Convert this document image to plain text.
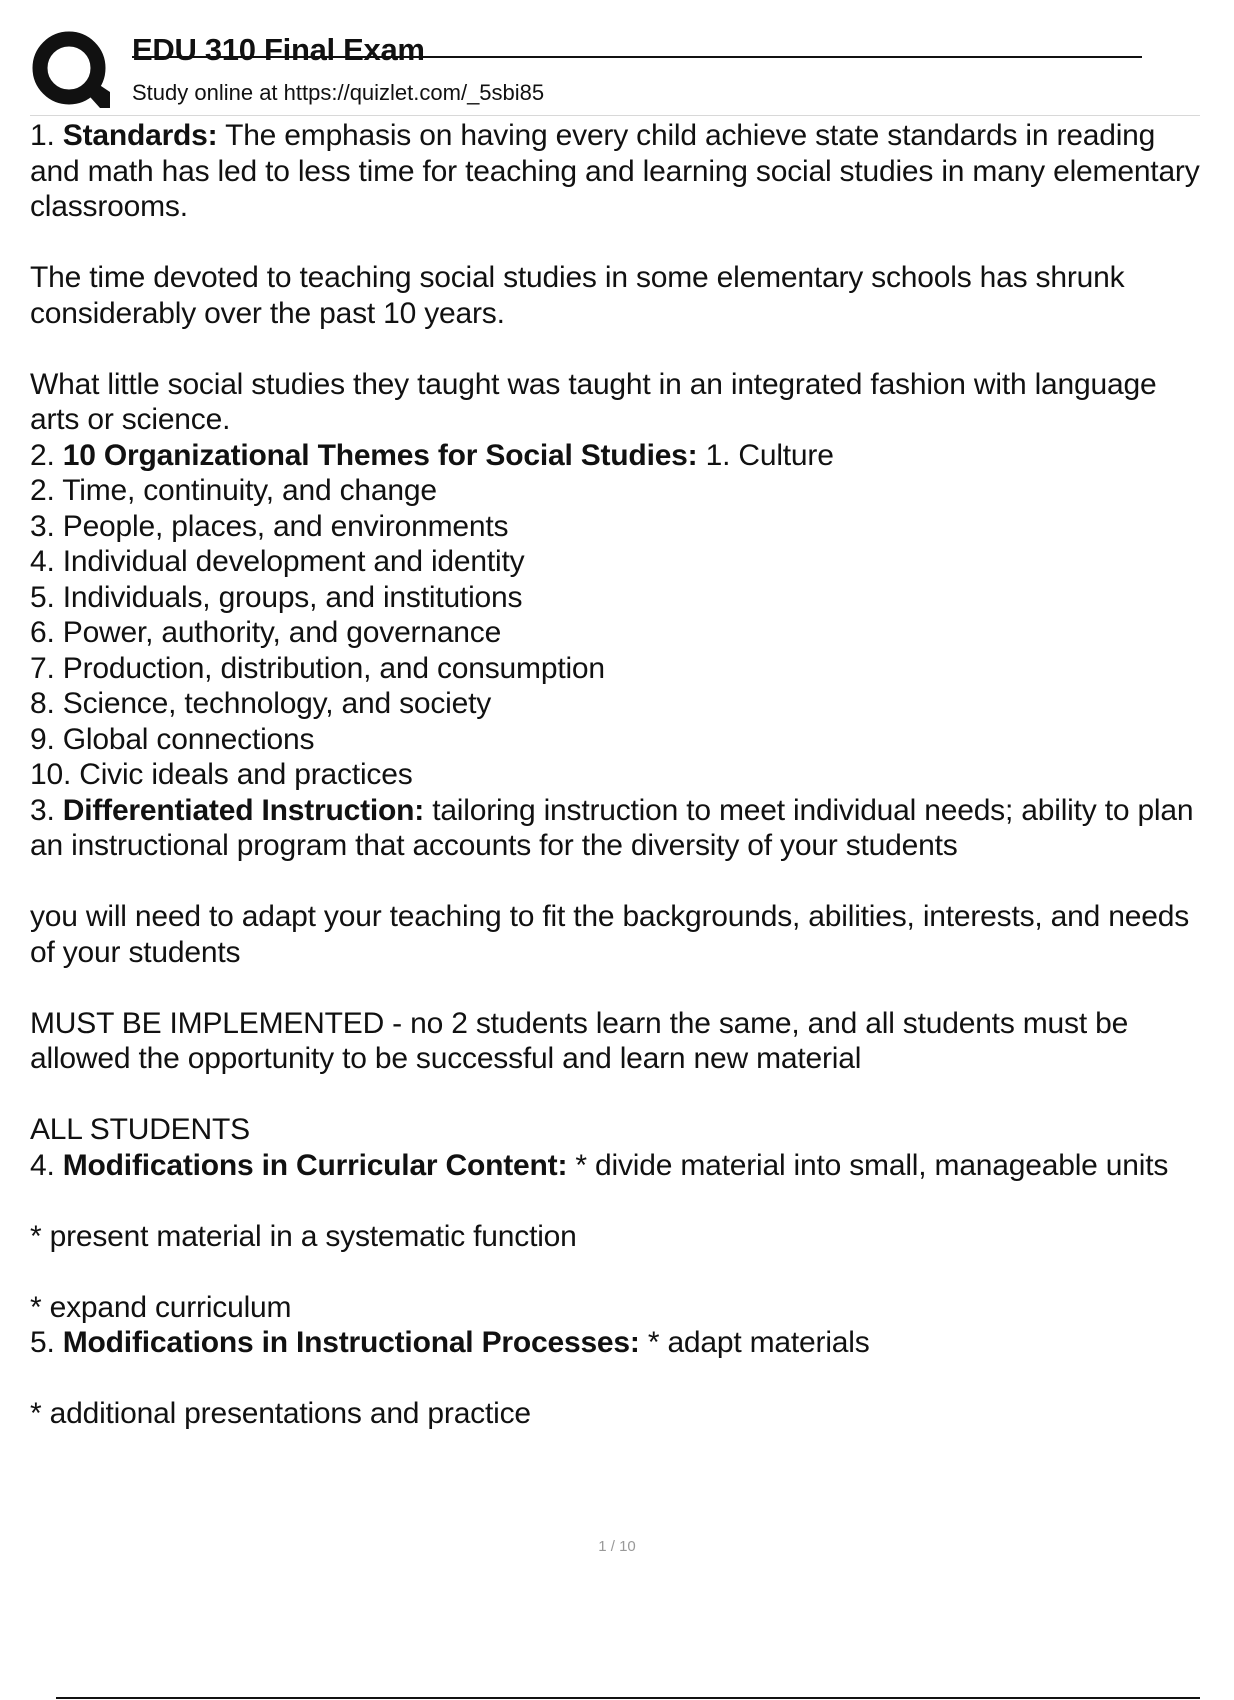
EDU 310 Final Exam
Study online at https://quizlet.com/_5sbi85

1. Standards: The emphasis on having every child achieve state standards in reading and math has led to less time for teaching and learning social studies in many elementary classrooms.

The time devoted to teaching social studies in some elementary schools has shrunk considerably over the past 10 years.

What little social studies they taught was taught in an integrated fashion with language arts or science.

2. 10 Organizational Themes for Social Studies: 1. Culture

2. Time, continuity, and change

3. People, places, and environments

4. Individual development and identity

5. Individuals, groups, and institutions

6. Power, authority, and governance

7. Production, distribution, and consumption

8. Science, technology, and society

9. Global connections

10. Civic ideals and practices

3. Differentiated Instruction: tailoring instruction to meet individual needs; ability to plan an instructional program that accounts for the diversity of your students

you will need to adapt your teaching to fit the backgrounds, abilities, interests, and needs of your students

MUST BE IMPLEMENTED - no 2 students learn the same, and all students must be allowed the opportunity to be successful and learn new material

ALL STUDENTS

4. Modifications in Curricular Content: * divide material into small, manageable units

* present material in a systematic function

* expand curriculum

5. Modifications in Instructional Processes: * adapt materials

* additional presentations and practice

1 / 10
